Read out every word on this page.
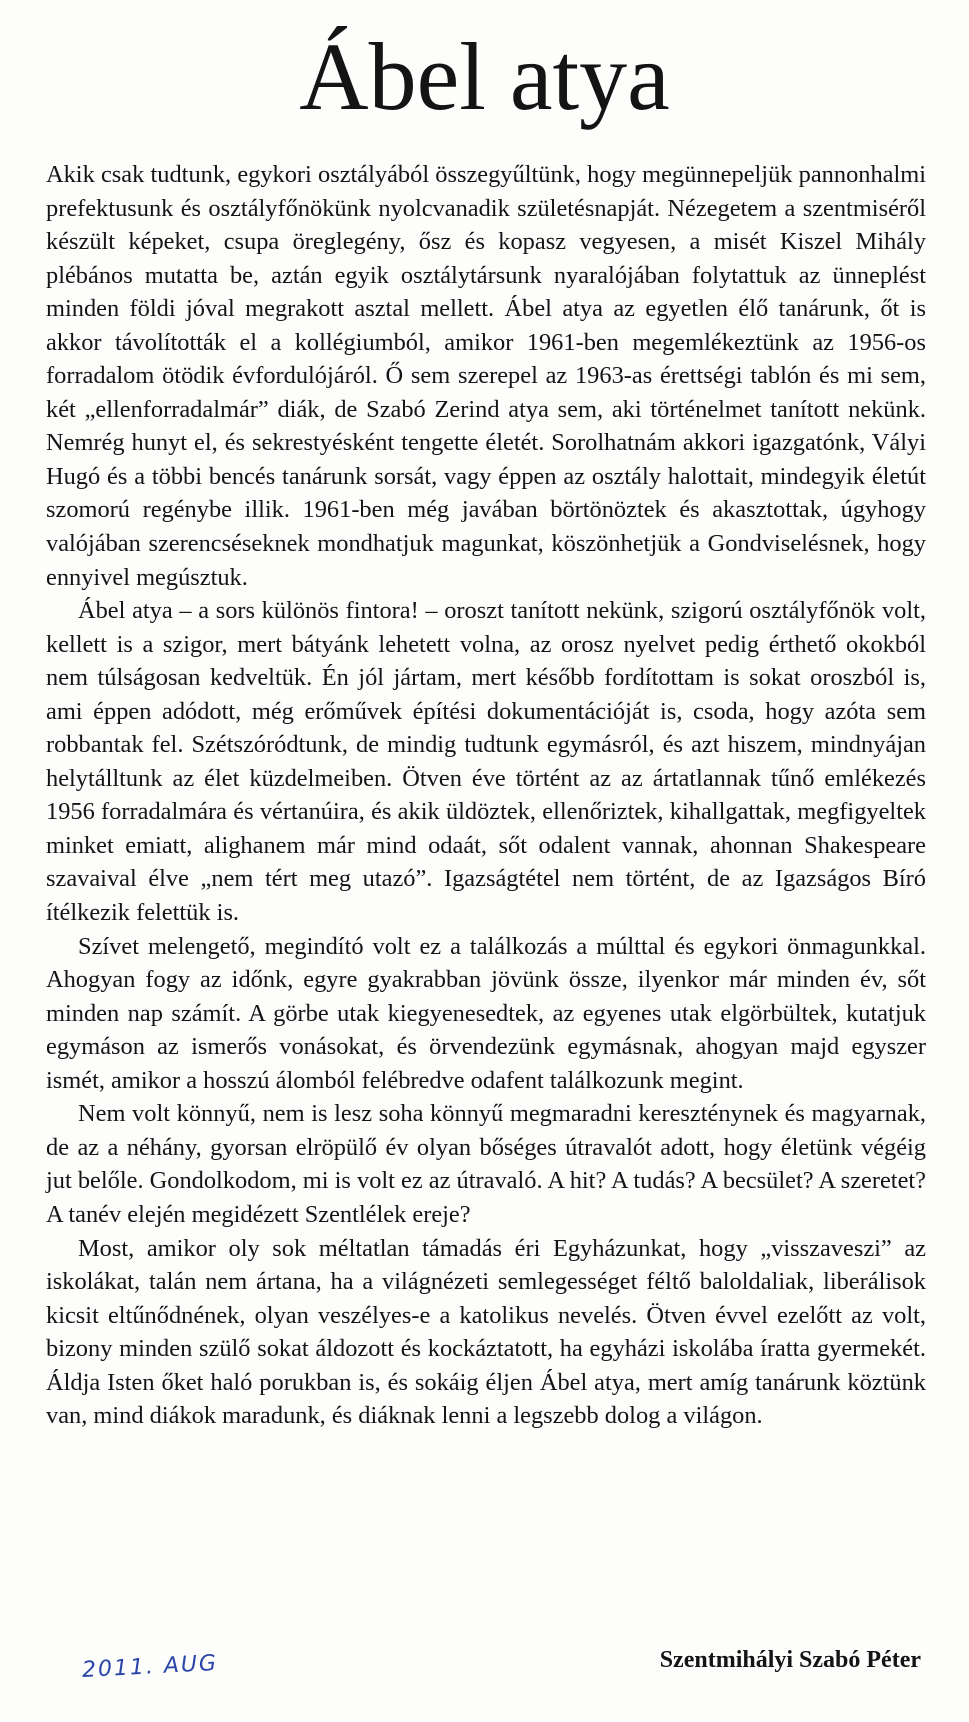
Ábel atya

Akik csak tudtunk, egykori osztályából összegyűltünk, hogy megünnepeljük pannonhalmi prefektusunk és osztályfőnökünk nyolcvanadik születésnapját. Nézegetem a szentmiséről készült képeket, csupa öreglegény, ősz és kopasz vegyesen, a misét Kiszel Mihály plébános mutatta be, aztán egyik osztálytársunk nyaralójában folytattuk az ünneplést minden földi jóval megrakott asztal mellett. Ábel atya az egyetlen élő tanárunk, őt is akkor távolították el a kollégiumból, amikor 1961-ben megemlékeztünk az 1956-os forradalom ötödik évfordulójáról. Ő sem szerepel az 1963-as érettségi tablón és mi sem, két „ellenforradalmár” diák, de Szabó Zerind atya sem, aki történelmet tanított nekünk. Nemrég hunyt el, és sekrestyésként tengette életét. Sorolhatnám akkori igazgatónk, Vályi Hugó és a többi bencés tanárunk sorsát, vagy éppen az osztály halottait, mindegyik életút szomorú regénybe illik. 1961-ben még javában börtönöztek és akasztottak, úgyhogy valójában szerencséseknek mondhatjuk magunkat, köszönhetjük a Gondviselésnek, hogy ennyivel megúsztuk.

Ábel atya – a sors különös fintora! – oroszt tanított nekünk, szigorú osztályfőnök volt, kellett is a szigor, mert bátyánk lehetett volna, az orosz nyelvet pedig érthető okokból nem túlságosan kedveltük. Én jól jártam, mert később fordítottam is sokat oroszból is, ami éppen adódott, még erőművek építési dokumentációját is, csoda, hogy azóta sem robbantak fel. Szétszóródtunk, de mindig tudtunk egymásról, és azt hiszem, mindnyájan helytálltunk az élet küzdelmeiben. Ötven éve történt az az ártatlannak tűnő emlékezés 1956 forradalmára és vértanúira, és akik üldöztek, ellenőriztek, kihallgattak, megfigyeltek minket emiatt, alighanem már mind odaát, sőt odalent vannak, ahonnan Shakespeare szavaival élve „nem tért meg utazó”. Igazságtétel nem történt, de az Igazságos Bíró ítélkezik felettük is.

Szívet melengető, megindító volt ez a találkozás a múlttal és egykori önmagunkkal. Ahogyan fogy az időnk, egyre gyakrabban jövünk össze, ilyenkor már minden év, sőt minden nap számít. A görbe utak kiegyenesedtek, az egyenes utak elgörbültek, kutatjuk egymáson az ismerős vonásokat, és örvendezünk egymásnak, ahogyan majd egyszer ismét, amikor a hosszú álomból felébredve odafent találkozunk megint.

Nem volt könnyű, nem is lesz soha könnyű megmaradni kereszténynek és magyarnak, de az a néhány, gyorsan elröpülő év olyan bőséges útravalót adott, hogy életünk végéig jut belőle. Gondolkodom, mi is volt ez az útravaló. A hit? A tudás? A becsület? A szeretet? A tanév elején megidézett Szentlélek ereje?

Most, amikor oly sok méltatlan támadás éri Egyházunkat, hogy „visszaveszi” az iskolákat, talán nem ártana, ha a világnézeti semlegességet féltő baloldaliak, liberálisok kicsit eltűnődnének, olyan veszélyes-e a katolikus nevelés. Ötven évvel ezelőtt az volt, bizony minden szülő sokat áldozott és kockáztatott, ha egyházi iskolába íratta gyermekét. Áldja Isten őket haló porukban is, és sokáig éljen Ábel atya, mert amíg tanárunk köztünk van, mind diákok maradunk, és diáknak lenni a legszebb dolog a világon.

2011. AUG	Szentmihályi Szabó Péter
